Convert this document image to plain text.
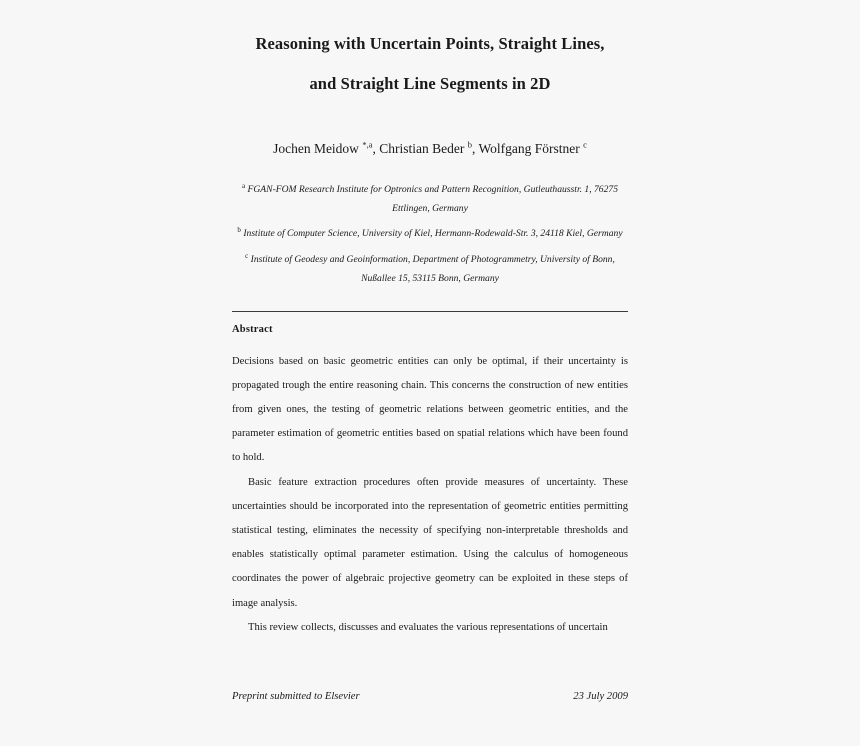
Reasoning with Uncertain Points, Straight Lines,
and Straight Line Segments in 2D
Jochen Meidow $^{*,a}$, Christian Beder $^b$, Wolfgang Förstner $^c$

$^a$ FGAN-FOM Research Institute for Optronics and Pattern Recognition, Gutleuthausstr. 1, 76275 Ettlingen, Germany

$^b$ Institute of Computer Science, University of Kiel, Hermann-Rodewald-Str. 3, 24118 Kiel, Germany

$^c$ Institute of Geodesy and Geoinformation, Department of Photogrammetry, University of Bonn, Nußallee 15, 53115 Bonn, Germany

Abstract

Decisions based on basic geometric entities can only be optimal, if their uncertainty is propagated trough the entire reasoning chain. This concerns the construction of new entities from given ones, the testing of geometric relations between geometric entities, and the parameter estimation of geometric entities based on spatial relations which have been found to hold.

Basic feature extraction procedures often provide measures of uncertainty. These uncertainties should be incorporated into the representation of geometric entities permitting statistical testing, eliminates the necessity of specifying non-interpretable thresholds and enables statistically optimal parameter estimation. Using the calculus of homogeneous coordinates the power of algebraic projective geometry can be exploited in these steps of image analysis.

This review collects, discusses and evaluates the various representations of uncertain

Preprint submitted to Elsevier	23 July 2009
